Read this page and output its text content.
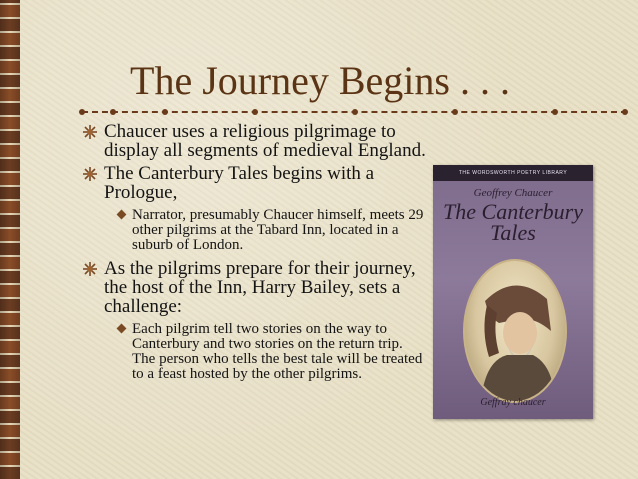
The Journey Begins . . .
Chaucer uses a religious pilgrimage to display all segments of medieval England.
The Canterbury Tales begins with a Prologue,
Narrator, presumably Chaucer himself, meets 29 other pilgrims at the Tabard Inn, located in a suburb of London.
As the pilgrims prepare for their journey, the host of the Inn, Harry Bailey, sets a challenge:
Each pilgrim tell two stories on the way to Canterbury and two stories on the return trip. The person who tells the best tale will be treated to a feast hosted by the other pilgrims.
THE WORDSWORTH POETRY LIBRARY
Geoffrey Chaucer
The Canterbury Tales
Geffray chaucer
